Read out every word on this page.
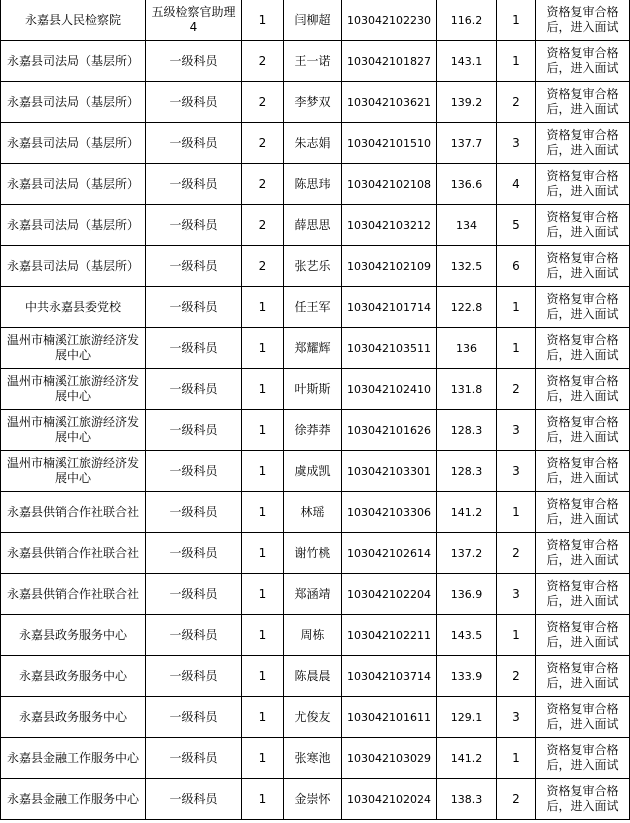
永嘉县人民检察院	五级检察官助理4	1	闫柳超	103042102230	116.2	1	资格复审合格后，进入面试
永嘉县司法局（基层所）	一级科员	2	王一诺	103042101827	143.1	1	资格复审合格后，进入面试
永嘉县司法局（基层所）	一级科员	2	李梦双	103042103621	139.2	2	资格复审合格后，进入面试
永嘉县司法局（基层所）	一级科员	2	朱志娟	103042101510	137.7	3	资格复审合格后，进入面试
永嘉县司法局（基层所）	一级科员	2	陈思玮	103042102108	136.6	4	资格复审合格后，进入面试
永嘉县司法局（基层所）	一级科员	2	薛思思	103042103212	134	5	资格复审合格后，进入面试
永嘉县司法局（基层所）	一级科员	2	张艺乐	103042102109	132.5	6	资格复审合格后，进入面试
中共永嘉县委党校	一级科员	1	任王军	103042101714	122.8	1	资格复审合格后，进入面试
温州市楠溪江旅游经济发展中心	一级科员	1	郑耀辉	103042103511	136	1	资格复审合格后，进入面试
温州市楠溪江旅游经济发展中心	一级科员	1	叶斯斯	103042102410	131.8	2	资格复审合格后，进入面试
温州市楠溪江旅游经济发展中心	一级科员	1	徐莽莽	103042101626	128.3	3	资格复审合格后，进入面试
温州市楠溪江旅游经济发展中心	一级科员	1	虞成凯	103042103301	128.3	3	资格复审合格后，进入面试
永嘉县供销合作社联合社	一级科员	1	林瑶	103042103306	141.2	1	资格复审合格后，进入面试
永嘉县供销合作社联合社	一级科员	1	谢竹桃	103042102614	137.2	2	资格复审合格后，进入面试
永嘉县供销合作社联合社	一级科员	1	郑涵靖	103042102204	136.9	3	资格复审合格后，进入面试
永嘉县政务服务中心	一级科员	1	周栋	103042102211	143.5	1	资格复审合格后，进入面试
永嘉县政务服务中心	一级科员	1	陈晨晨	103042103714	133.9	2	资格复审合格后，进入面试
永嘉县政务服务中心	一级科员	1	尤俊友	103042101611	129.1	3	资格复审合格后，进入面试
永嘉县金融工作服务中心	一级科员	1	张寒池	103042103029	141.2	1	资格复审合格后，进入面试
永嘉县金融工作服务中心	一级科员	1	金崇怀	103042102024	138.3	2	资格复审合格后，进入面试
